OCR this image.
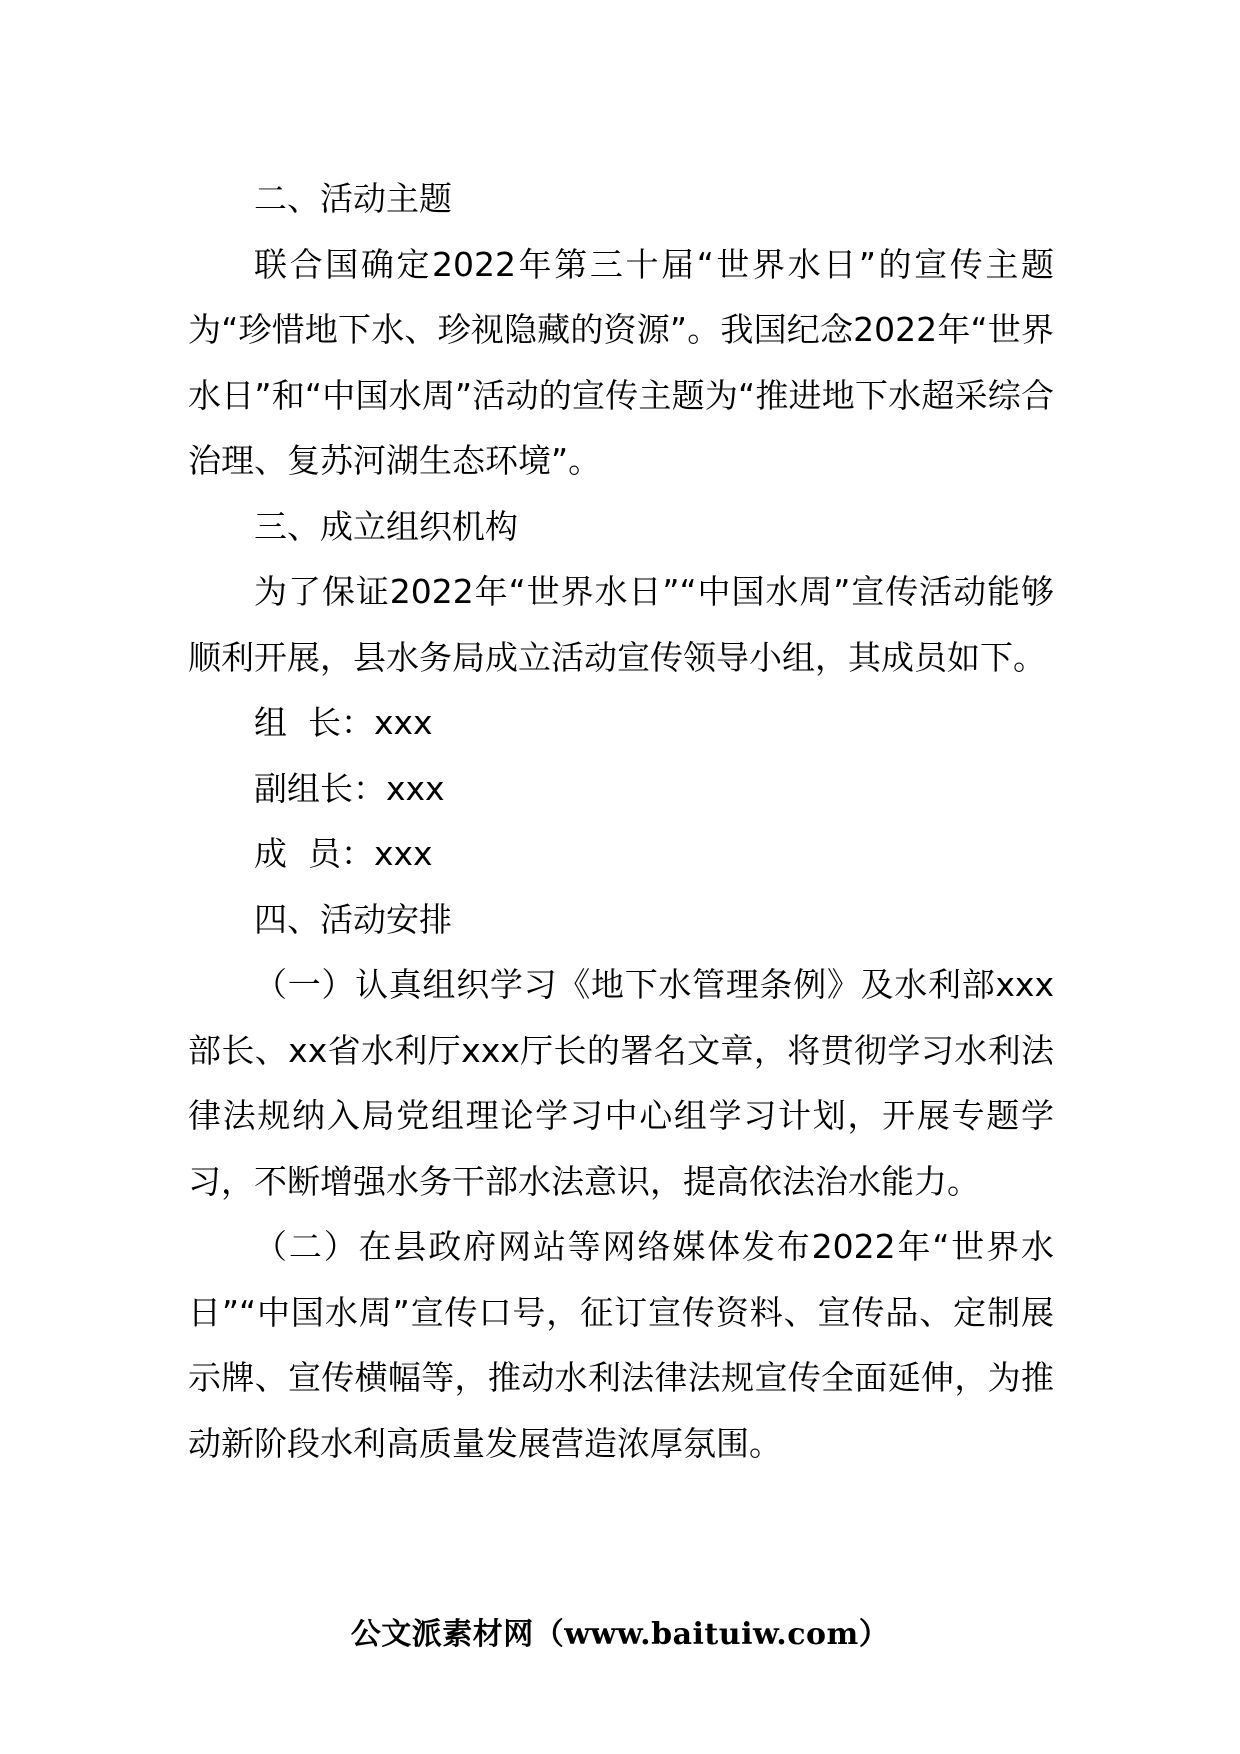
二、活动主题

联合国确定2022年第三十届“世界水日”的宣传主题为“珍惜地下水、珍视隐藏的资源”。我国纪念2022年“世界水日”和“中国水周”活动的宣传主题为“推进地下水超采综合治理、复苏河湖生态环境”。

三、成立组织机构

为了保证2022年“世界水日”“中国水周”宣传活动能够顺利开展，县水务局成立活动宣传领导小组，其成员如下。

组  长：xxx

副组长：xxx

成  员：xxx

四、活动安排

（一）认真组织学习《地下水管理条例》及水利部xxx部长、xx省水利厅xxx厅长的署名文章，将贯彻学习水利法律法规纳入局党组理论学习中心组学习计划，开展专题学习，不断增强水务干部水法意识，提高依法治水能力。

（二）在县政府网站等网络媒体发布2022年“世界水日”“中国水周”宣传口号，征订宣传资料、宣传品、定制展示牌、宣传横幅等，推动水利法律法规宣传全面延伸，为推动新阶段水利高质量发展营造浓厚氛围。

公文派素材网（www.baituiw.com）
